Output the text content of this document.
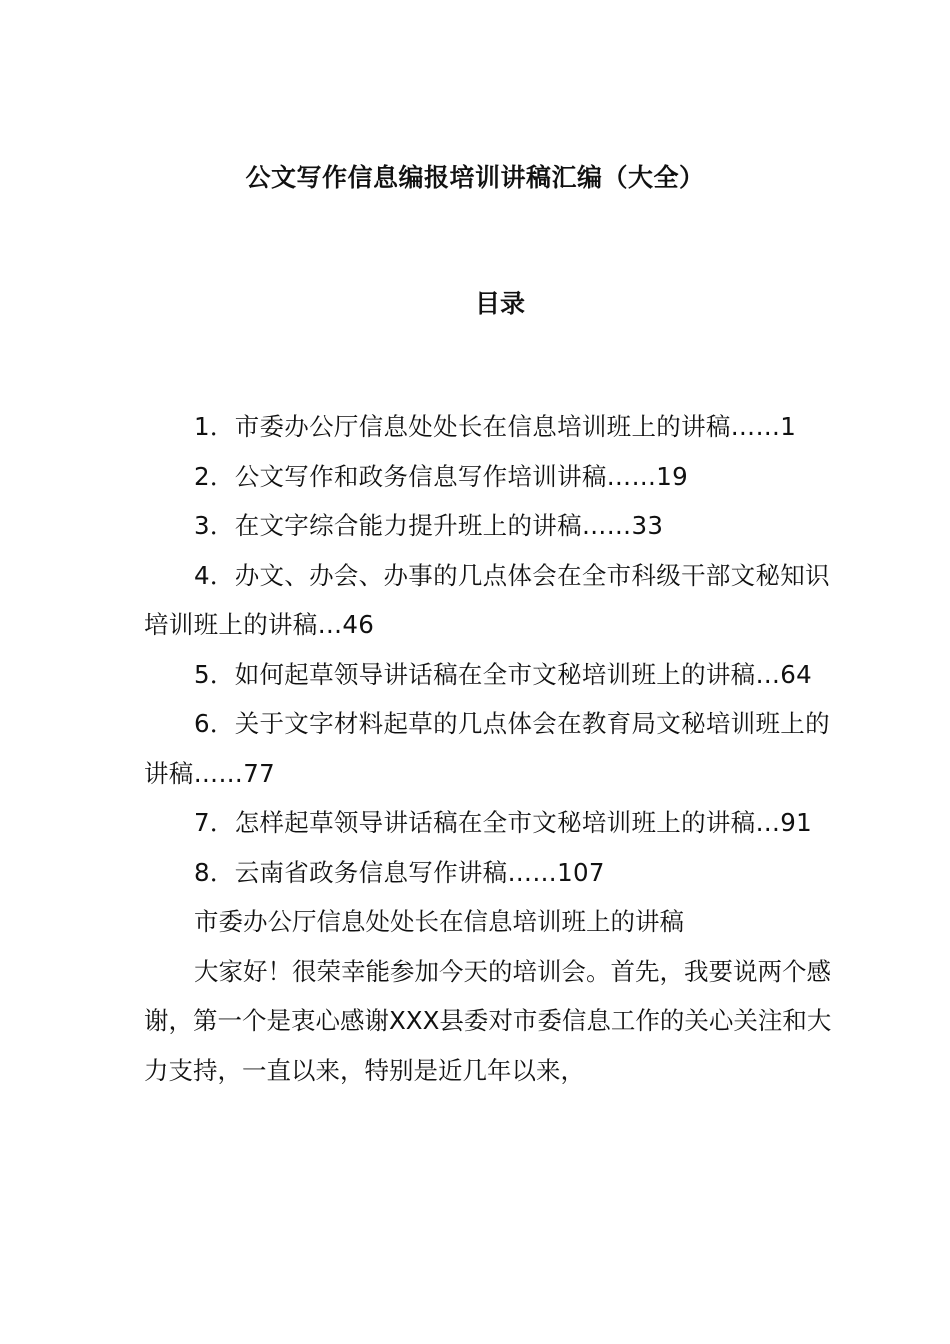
公文写作信息编报培训讲稿汇编（大全）
目录

1．市委办公厅信息处处长在信息培训班上的讲稿……1

2．公文写作和政务信息写作培训讲稿……19

3．在文字综合能力提升班上的讲稿……33

4．办文、办会、办事的几点体会在全市科级干部文秘知识培训班上的讲稿…46

5．如何起草领导讲话稿在全市文秘培训班上的讲稿…64

6．关于文字材料起草的几点体会在教育局文秘培训班上的讲稿……77

7．怎样起草领导讲话稿在全市文秘培训班上的讲稿…91

8．云南省政务信息写作讲稿……107

市委办公厅信息处处长在信息培训班上的讲稿

大家好！很荣幸能参加今天的培训会。首先，我要说两个感谢，第一个是衷心感谢XXX县委对市委信息工作的关心关注和大力支持，一直以来，特别是近几年以来，
